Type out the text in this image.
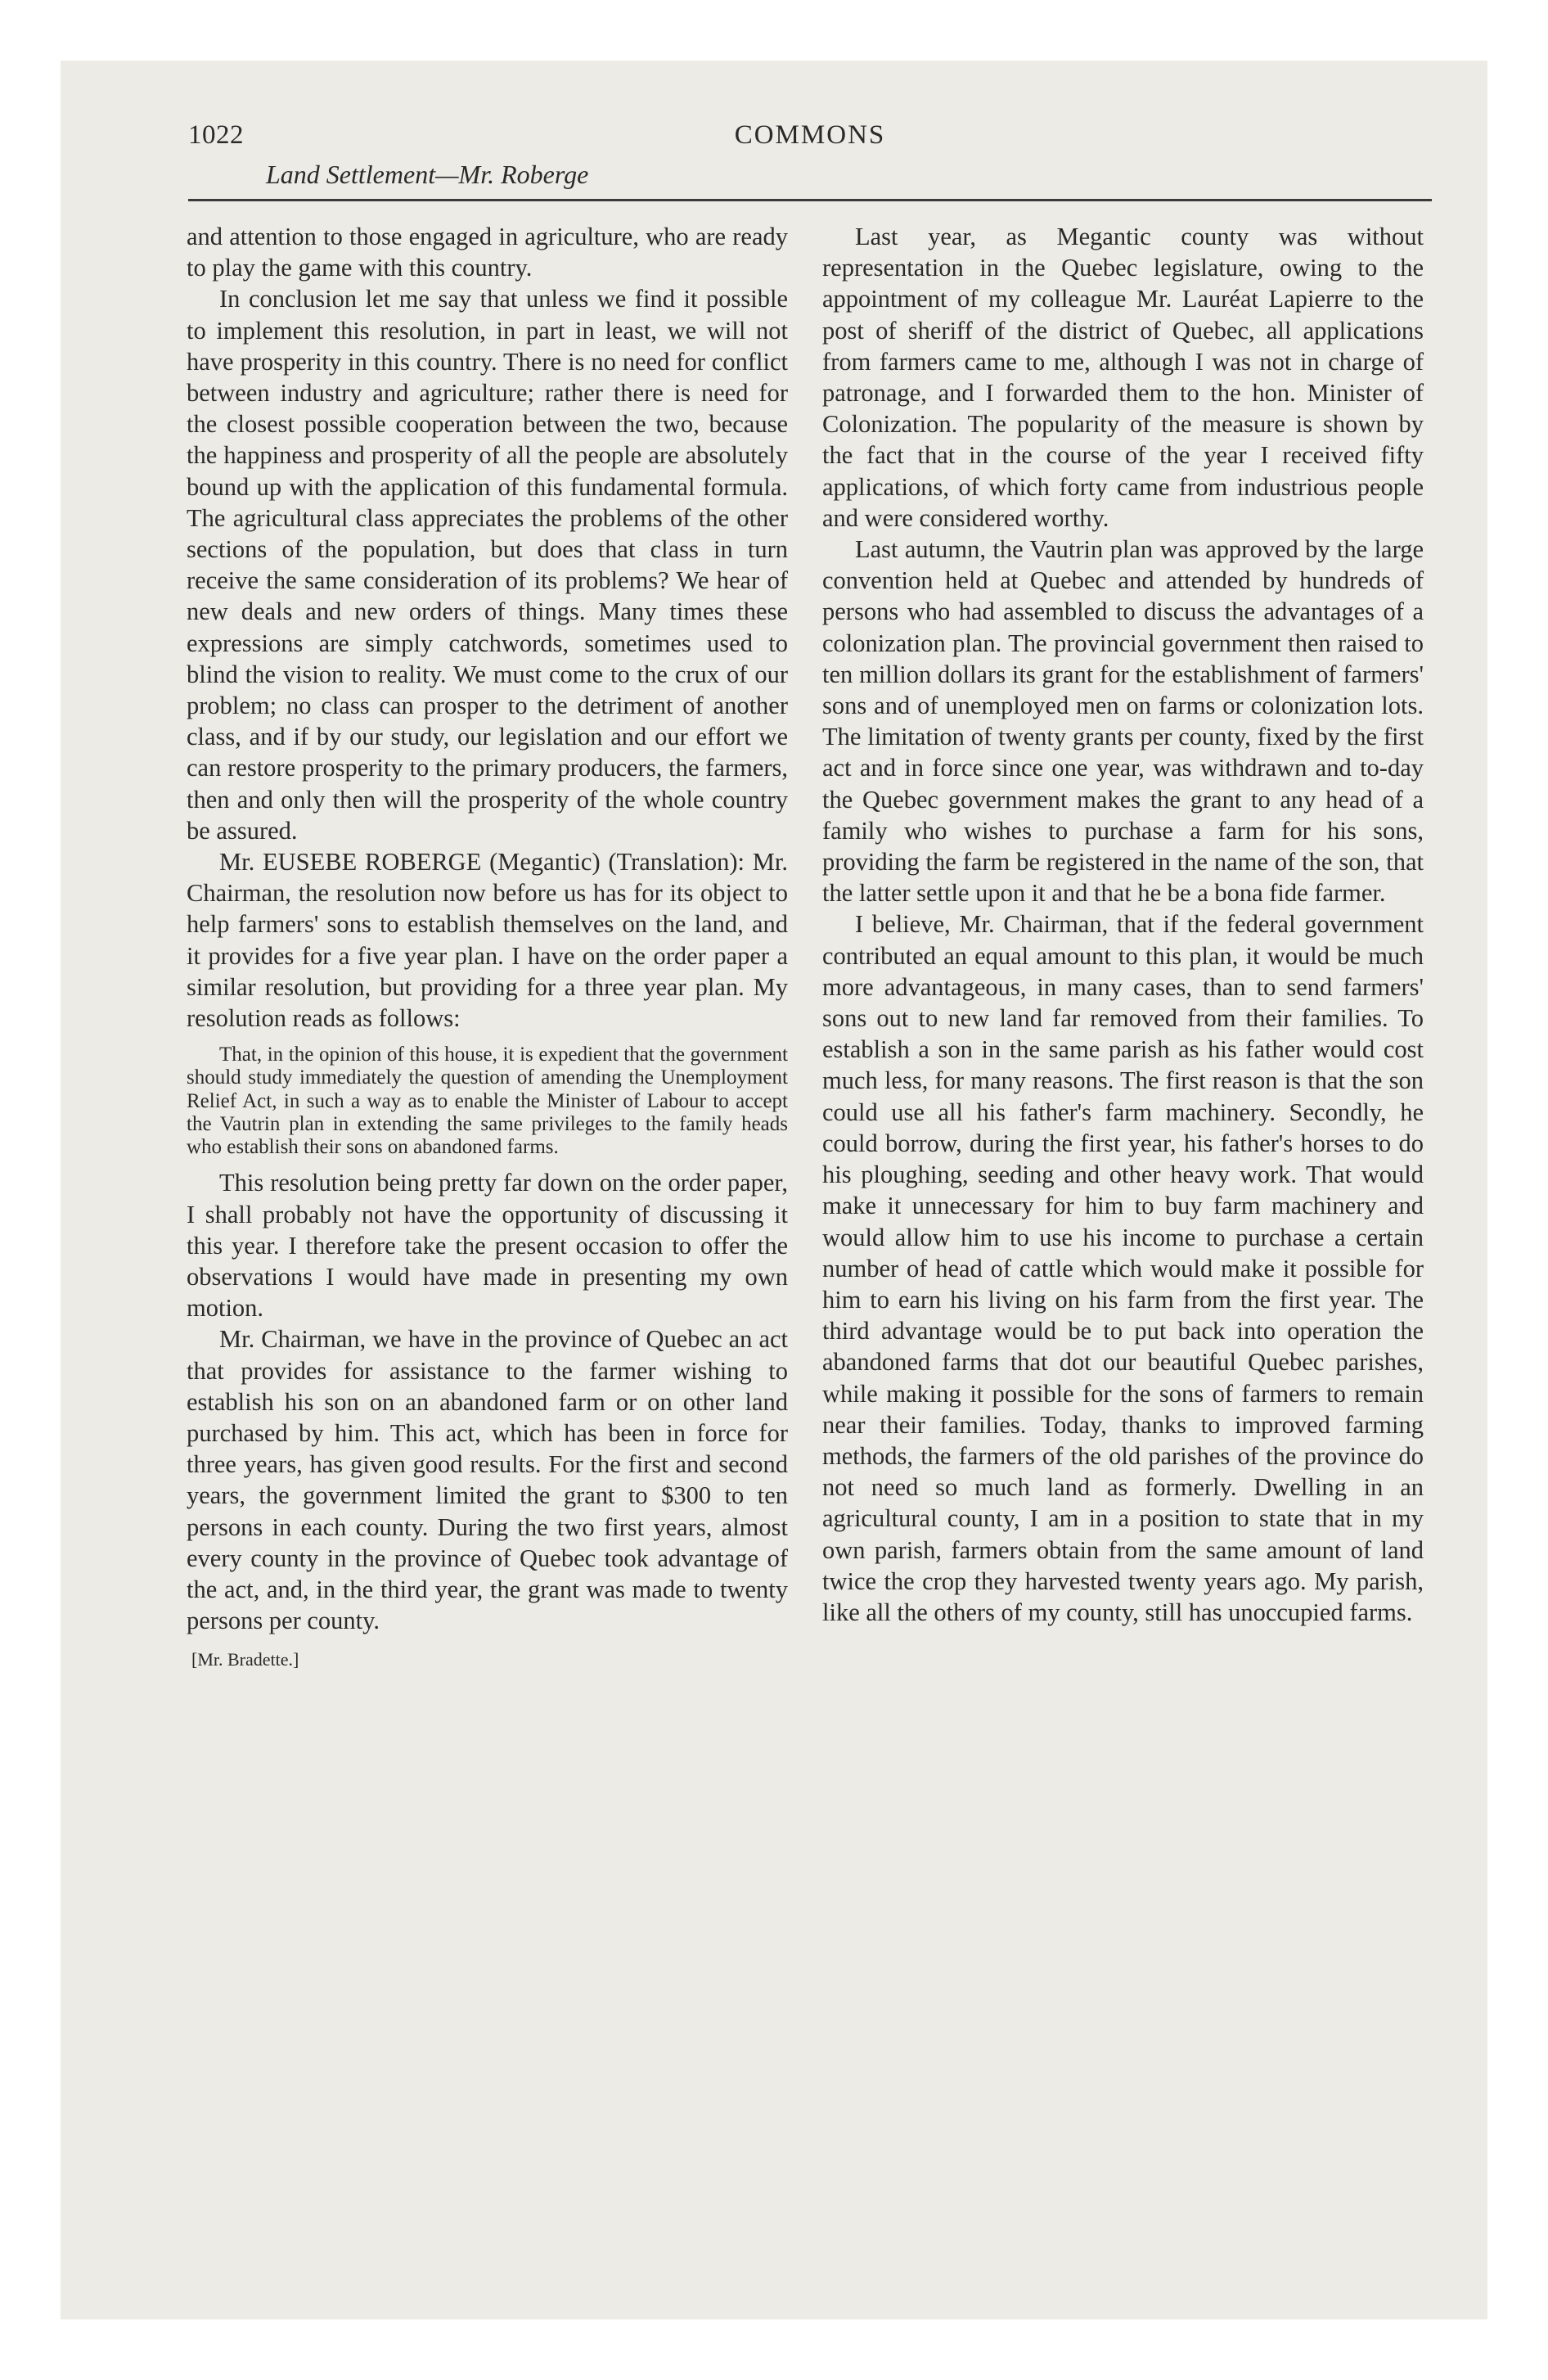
1022	COMMONS
Land Settlement—Mr. Roberge

and attention to those engaged in agriculture, who are ready to play the game with this country.

In conclusion let me say that unless we find it possible to implement this resolution, in part in least, we will not have prosperity in this country. There is no need for conflict between industry and agriculture; rather there is need for the closest possible cooperation between the two, because the happiness and prosperity of all the people are absolutely bound up with the application of this fundamental formula. The agricultural class appreciates the problems of the other sections of the population, but does that class in turn receive the same consideration of its problems? We hear of new deals and new orders of things. Many times these expressions are simply catchwords, sometimes used to blind the vision to reality. We must come to the crux of our problem; no class can prosper to the detriment of another class, and if by our study, our legislation and our effort we can restore prosperity to the primary producers, the farmers, then and only then will the prosperity of the whole country be assured.

Mr. EUSEBE ROBERGE (Megantic) (Translation): Mr. Chairman, the resolution now before us has for its object to help farmers' sons to establish themselves on the land, and it provides for a five year plan. I have on the order paper a similar resolution, but providing for a three year plan. My resolution reads as follows:

That, in the opinion of this house, it is expedient that the government should study immediately the question of amending the Unemployment Relief Act, in such a way as to enable the Minister of Labour to accept the Vautrin plan in extending the same privileges to the family heads who establish their sons on abandoned farms.

This resolution being pretty far down on the order paper, I shall probably not have the opportunity of discussing it this year. I therefore take the present occasion to offer the observations I would have made in presenting my own motion.

Mr. Chairman, we have in the province of Quebec an act that provides for assistance to the farmer wishing to establish his son on an abandoned farm or on other land purchased by him. This act, which has been in force for three years, has given good results. For the first and second years, the government limited the grant to $300 to ten persons in each county. During the two first years, almost every county in the province of Quebec took advantage of the act, and, in the third year, the grant was made to twenty persons per county.

[Mr. Bradette.]

Last year, as Megantic county was without representation in the Quebec legislature, owing to the appointment of my colleague Mr. Lauréat Lapierre to the post of sheriff of the district of Quebec, all applications from farmers came to me, although I was not in charge of patronage, and I forwarded them to the hon. Minister of Colonization. The popularity of the measure is shown by the fact that in the course of the year I received fifty applications, of which forty came from industrious people and were considered worthy.

Last autumn, the Vautrin plan was approved by the large convention held at Quebec and attended by hundreds of persons who had assembled to discuss the advantages of a colonization plan. The provincial government then raised to ten million dollars its grant for the establishment of farmers' sons and of unemployed men on farms or colonization lots. The limitation of twenty grants per county, fixed by the first act and in force since one year, was withdrawn and to-day the Quebec government makes the grant to any head of a family who wishes to purchase a farm for his sons, providing the farm be registered in the name of the son, that the latter settle upon it and that he be a bona fide farmer.

I believe, Mr. Chairman, that if the federal government contributed an equal amount to this plan, it would be much more advantageous, in many cases, than to send farmers' sons out to new land far removed from their families. To establish a son in the same parish as his father would cost much less, for many reasons. The first reason is that the son could use all his father's farm machinery. Secondly, he could borrow, during the first year, his father's horses to do his ploughing, seeding and other heavy work. That would make it unnecessary for him to buy farm machinery and would allow him to use his income to purchase a certain number of head of cattle which would make it possible for him to earn his living on his farm from the first year. The third advantage would be to put back into operation the abandoned farms that dot our beautiful Quebec parishes, while making it possible for the sons of farmers to remain near their families. Today, thanks to improved farming methods, the farmers of the old parishes of the province do not need so much land as formerly. Dwelling in an agricultural county, I am in a position to state that in my own parish, farmers obtain from the same amount of land twice the crop they harvested twenty years ago. My parish, like all the others of my county, still has unoccupied farms.
